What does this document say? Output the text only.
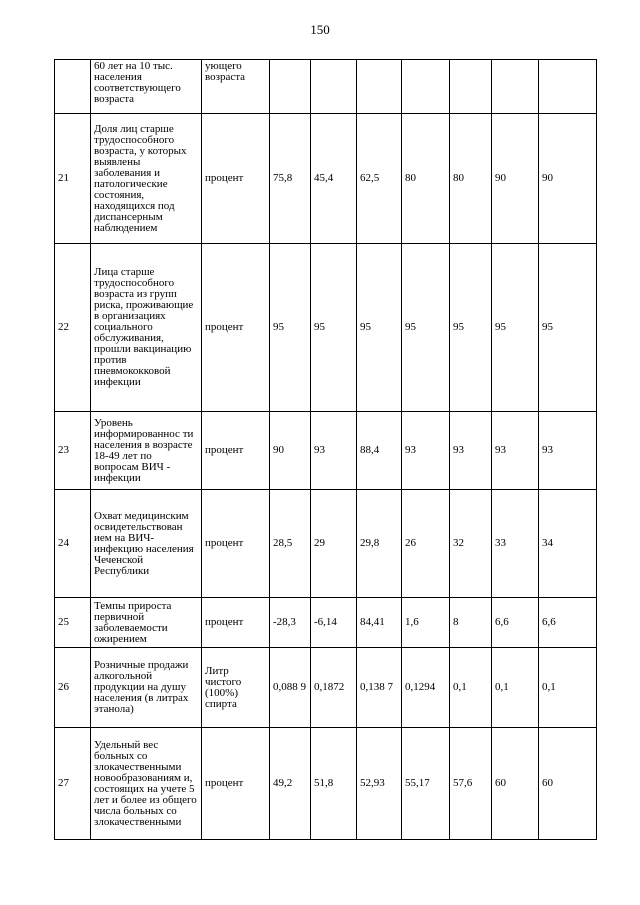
150
	60 лет на 10 тыс. населения соответствующего возраста	ующего возраста							
21	Доля лиц старше трудоспособного возраста, у которых выявлены заболевания и патологические состояния, находящихся под диспансерным наблюдением	процент	75,8	45,4	62,5	80	80	90	90
22	Лица старше трудоспособного возраста из групп риска, проживающие в организациях социального обслуживания, прошли вакцинацию против пневмококковой инфекции	процент	95	95	95	95	95	95	95
23	Уровень информированнос ти населения в возрасте 18-49 лет по вопросам ВИЧ - инфекции	процент	90	93	88,4	93	93	93	93
24	Охват медицинским освидетельствован ием на ВИЧ-инфекцию населения Чеченской Республики	процент	28,5	29	29,8	26	32	33	34
25	Темпы прироста первичной заболеваемости ожирением	процент	-28,3	-6,14	84,41	1,6	8	6,6	6,6
26	Розничные продажи алкогольной продукции на душу населения (в литрах этанола)	Литр чистого (100%) спирта	0,088 9	0,1872	0,138 7	0,1294	0,1	0,1	0,1
27	Удельный вес больных со злокачественными новообразованиям и, состоящих на учете 5 лет и более из общего числа больных со злокачественными	процент	49,2	51,8	52,93	55,17	57,6	60	60
